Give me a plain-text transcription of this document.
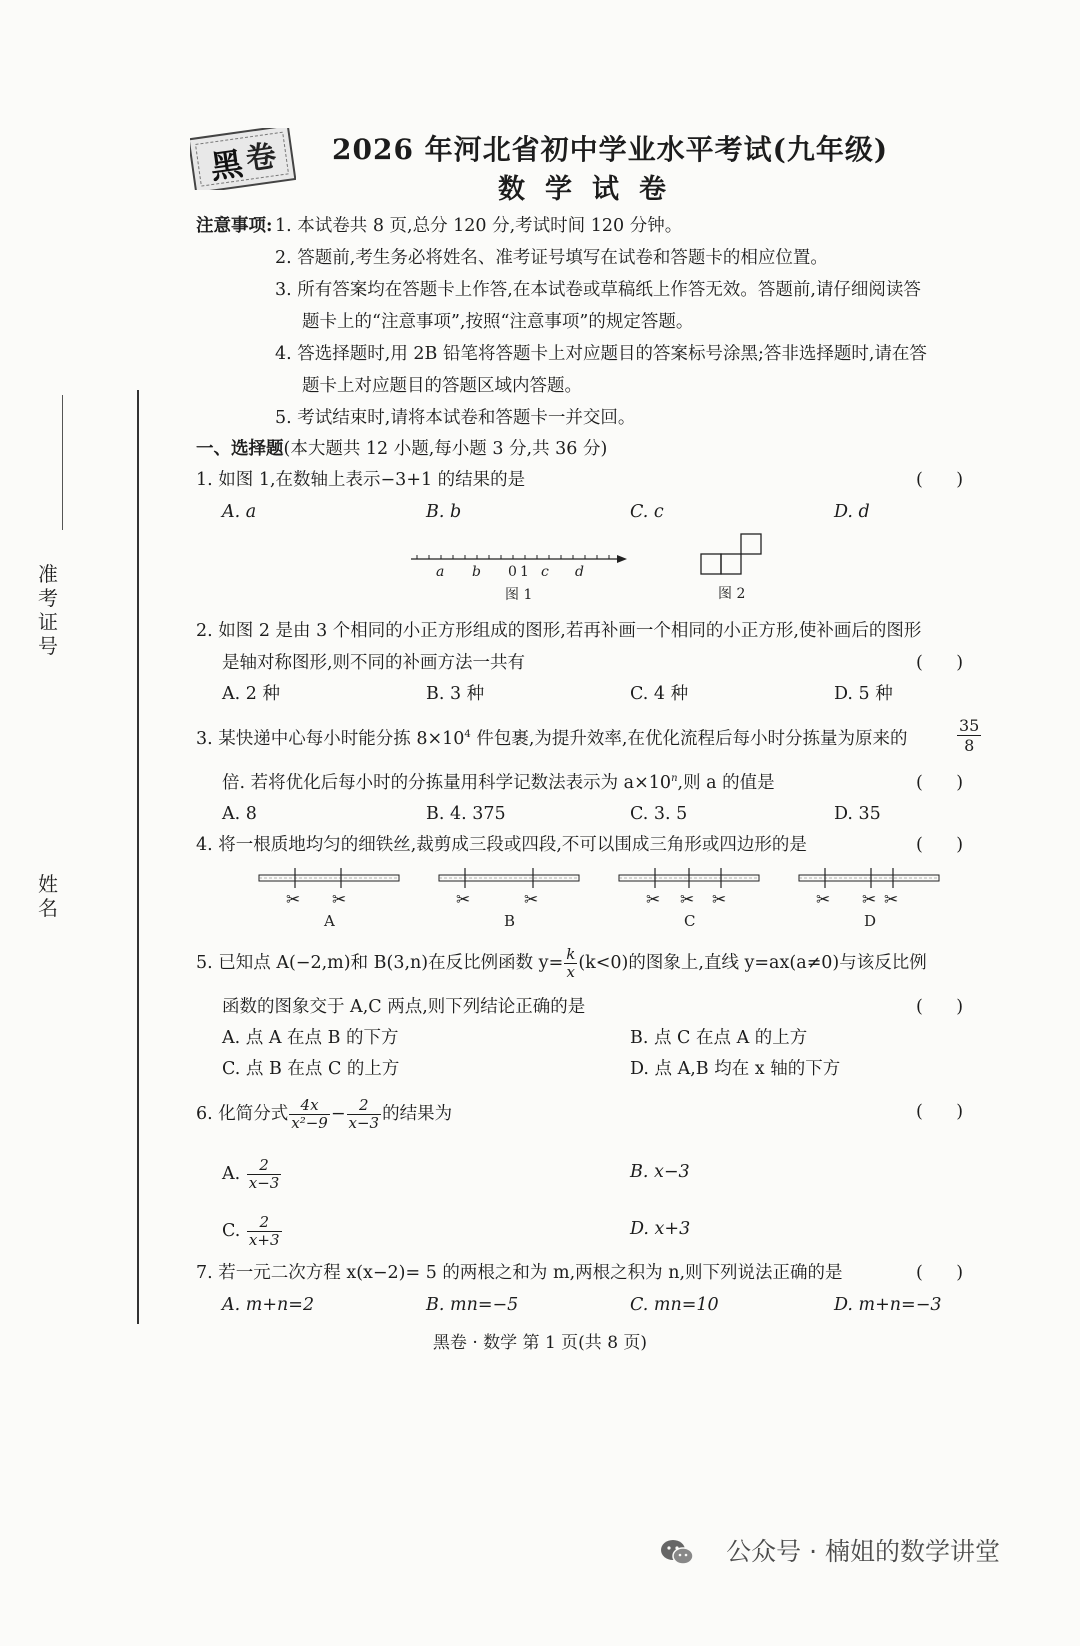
黑
卷 2026 年河北省初中学业水平考试(九年级)
数学试卷
准考证号
姓名
注意事项: 1. 本试卷共 8 页,总分 120 分,考试时间 120 分钟。
2. 答题前,考生务必将姓名、准考证号填写在试卷和答题卡的相应位置。
3. 所有答案均在答题卡上作答,在本试卷或草稿纸上作答无效。答题前,请仔细阅读答
题卡上的“注意事项”,按照“注意事项”的规定答题。
4. 答选择题时,用 2B 铅笔将答题卡上对应题目的答案标号涂黑;答非选择题时,请在答
题卡上对应题目的答题区域内答题。
5. 考试结束时,请将本试卷和答题卡一并交回。
一、选择题(本大题共 12 小题,每小题 3 分,共 36 分)
1. 如图 1,在数轴上表示−3+1 的结果的是	(      )
A. a	B. b	C. c	D. d
a b 0 1 c d
图 1	图 2
2. 如图 2 是由 3 个相同的小正方形组成的图形,若再补画一个相同的小正方形,使补画后的图形
是轴对称图形,则不同的补画方法一共有	(      )
A. 2 种	B. 3 种	C. 4 种	D. 5 种
3. 某快递中心每小时能分拣 $8\times 10^4$ 件包裹,为提升效率,在优化流程后每小时分拣量为原来的	$\frac{35}{8}$
倍. 若将优化后每小时的分拣量用科学记数法表示为 $a\times 10^n$,则 a 的值是	(      )
A. 8	B. 4. 375	C. 3. 5	D. 35
4. 将一根质地均匀的细铁丝,裁剪成三段或四段,不可以围成三角形或四边形的是	(      )
✂ ✂
A
✂	✂
B
✂ ✂ ✂
C
✂ ✂ ✂
D
5. 已知点 A(−2,m)和 B(3,n)在反比例函数 $y= \frac{k}{x} (k<0)$的图象上,直线 y=ax(a≠0)与该反比例
函数的图象交于 A,C 两点,则下列结论正确的是	(      )
A. 点 A 在点 B 的下方	B. 点 C 在点 A 的上方
C. 点 B 在点 C 的上方	D. 点 A,B 均在 x 轴的下方
6. 化简分式 $\frac{4x}{\text{x²−9}} - \frac{2}{x-3}$ 的结果为	(      )
A. $\frac{2}{x-3}$	B. x−3
C. $\frac{2}{x+3}$	D. x+3
7. 若一元二次方程 x(x−2)= 5 的两根之和为 m,两根之积为 n,则下列说法正确的是	(      )
A. m+n=2	B. mn=−5	C. mn=10	D. m+n=−3
黑卷 · 数学 第 1 页(共 8 页)
公众号 · 楠姐的数学讲堂
